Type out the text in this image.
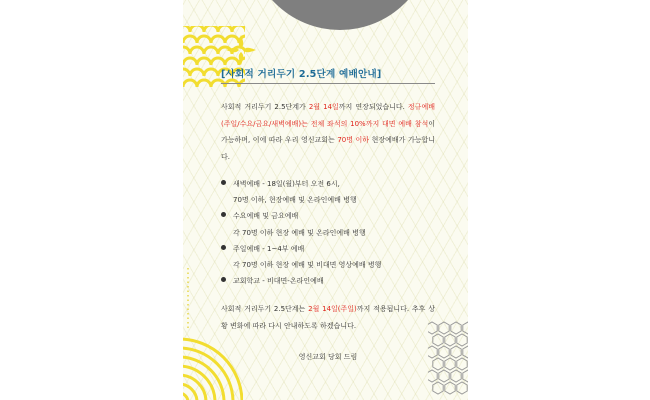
[사회적 거리두기 2.5단계 예배안내]

사회적 거리두기 2.5단계가 2월 14일까지 연장되었습니다. 정규예배(주일/수요/금요/새벽예배)는 전체 좌석의 10%까지 대면 예배 참석이 가능하며, 이에 따라 우리 영신교회는 70명 이하 현장예배가 가능합니다.

새벽예배 - 18일(월)부터 오전 6시,
70명 이하, 현장예배 및 온라인예배 병행
수요예배 및 금요예배
각 70명 이하 현장 예배 및 온라인예배 병행
주일예배 - 1~4부 예배
각 70명 이하 현장 예배 및 비대면 영상예배 병행
교회학교 - 비대면-온라인예배

사회적 거리두기 2.5단계는 2월 14일(주일)까지 적용됩니다. 추후 상황 변화에 따라 다시 안내하도록 하겠습니다.

영신교회 당회 드림
